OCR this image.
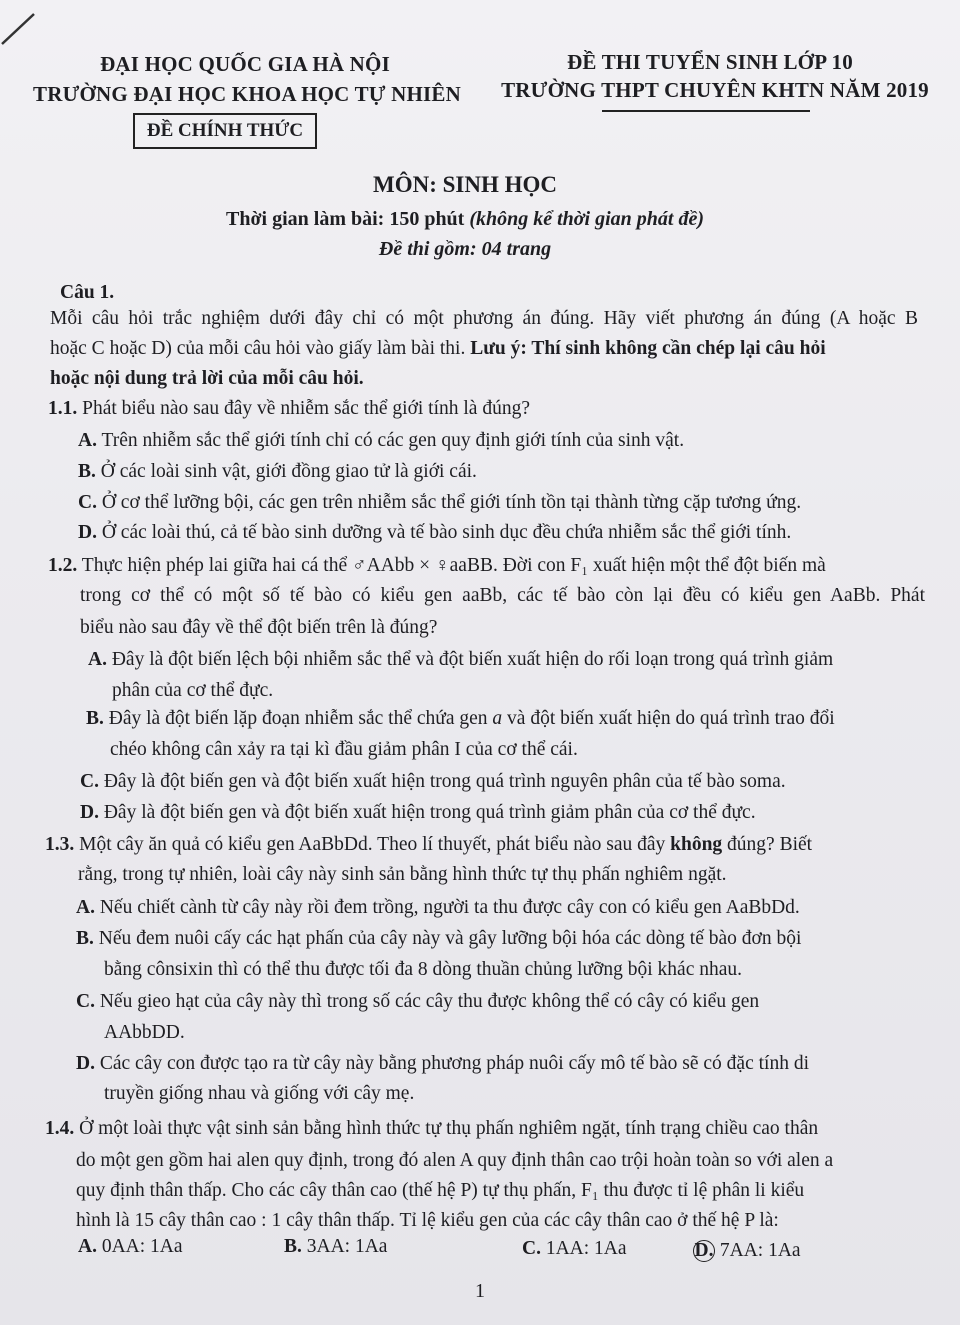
ĐẠI HỌC QUỐC GIA HÀ NỘI
TRƯỜNG ĐẠI HỌC KHOA HỌC TỰ NHIÊN
ĐỀ CHÍNH THỨC
ĐỀ THI TUYỂN SINH LỚP 10
TRƯỜNG THPT CHUYÊN KHTN NĂM 2019
MÔN: SINH HỌC
Thời gian làm bài: 150 phút (không kể thời gian phát đề)
Đề thi gồm: 04 trang
Câu 1.
Mỗi câu hỏi trắc nghiệm dưới đây chỉ có một phương án đúng. Hãy viết phương án đúng (A hoặc B
hoặc C hoặc D) của mỗi câu hỏi vào giấy làm bài thi. Lưu ý: Thí sinh không cần chép lại câu hỏi
hoặc nội dung trả lời của mỗi câu hỏi.
1.1. Phát biểu nào sau đây về nhiễm sắc thể giới tính là đúng?
A. Trên nhiễm sắc thể giới tính chỉ có các gen quy định giới tính của sinh vật.
B. Ở các loài sinh vật, giới đồng giao tử là giới cái.
C. Ở cơ thể lưỡng bội, các gen trên nhiễm sắc thể giới tính tồn tại thành từng cặp tương ứng.
D. Ở các loài thú, cả tế bào sinh dưỡng và tế bào sinh dục đều chứa nhiễm sắc thể giới tính.
1.2. Thực hiện phép lai giữa hai cá thể ♂AAbb × ♀aaBB. Đời con F₁ xuất hiện một thể đột biến mà
trong cơ thể có một số tế bào có kiểu gen aaBb, các tế bào còn lại đều có kiểu gen AaBb. Phát
biểu nào sau đây về thể đột biến trên là đúng?
A. Đây là đột biến lệch bội nhiễm sắc thể và đột biến xuất hiện do rối loạn trong quá trình giảm
phân của cơ thể đực.
B. Đây là đột biến lặp đoạn nhiễm sắc thể chứa gen a và đột biến xuất hiện do quá trình trao đổi
chéo không cân xảy ra tại kì đầu giảm phân I của cơ thể cái.
C. Đây là đột biến gen và đột biến xuất hiện trong quá trình nguyên phân của tế bào soma.
D. Đây là đột biến gen và đột biến xuất hiện trong quá trình giảm phân của cơ thể đực.
1.3. Một cây ăn quả có kiểu gen AaBbDd. Theo lí thuyết, phát biểu nào sau đây không đúng? Biết
rằng, trong tự nhiên, loài cây này sinh sản bằng hình thức tự thụ phấn nghiêm ngặt.
A. Nếu chiết cành từ cây này rồi đem trồng, người ta thu được cây con có kiểu gen AaBbDd.
B. Nếu đem nuôi cấy các hạt phấn của cây này và gây lưỡng bội hóa các dòng tế bào đơn bội
bằng cônsixin thì có thể thu được tối đa 8 dòng thuần chủng lưỡng bội khác nhau.
C. Nếu gieo hạt của cây này thì trong số các cây thu được không thể có cây có kiểu gen
AAbbDD.
D. Các cây con được tạo ra từ cây này bằng phương pháp nuôi cấy mô tế bào sẽ có đặc tính di
truyền giống nhau và giống với cây mẹ.
1.4. Ở một loài thực vật sinh sản bằng hình thức tự thụ phấn nghiêm ngặt, tính trạng chiều cao thân
do một gen gồm hai alen quy định, trong đó alen A quy định thân cao trội hoàn toàn so với alen a
quy định thân thấp. Cho các cây thân cao (thế hệ P) tự thụ phấn, F₁ thu được tỉ lệ phân li kiểu
hình là 15 cây thân cao : 1 cây thân thấp. Tỉ lệ kiểu gen của các cây thân cao ở thế hệ P là:
A. 0AA: 1Aa	B. 3AA: 1Aa	C. 1AA: 1Aa	D. 7AA: 1Aa
1
